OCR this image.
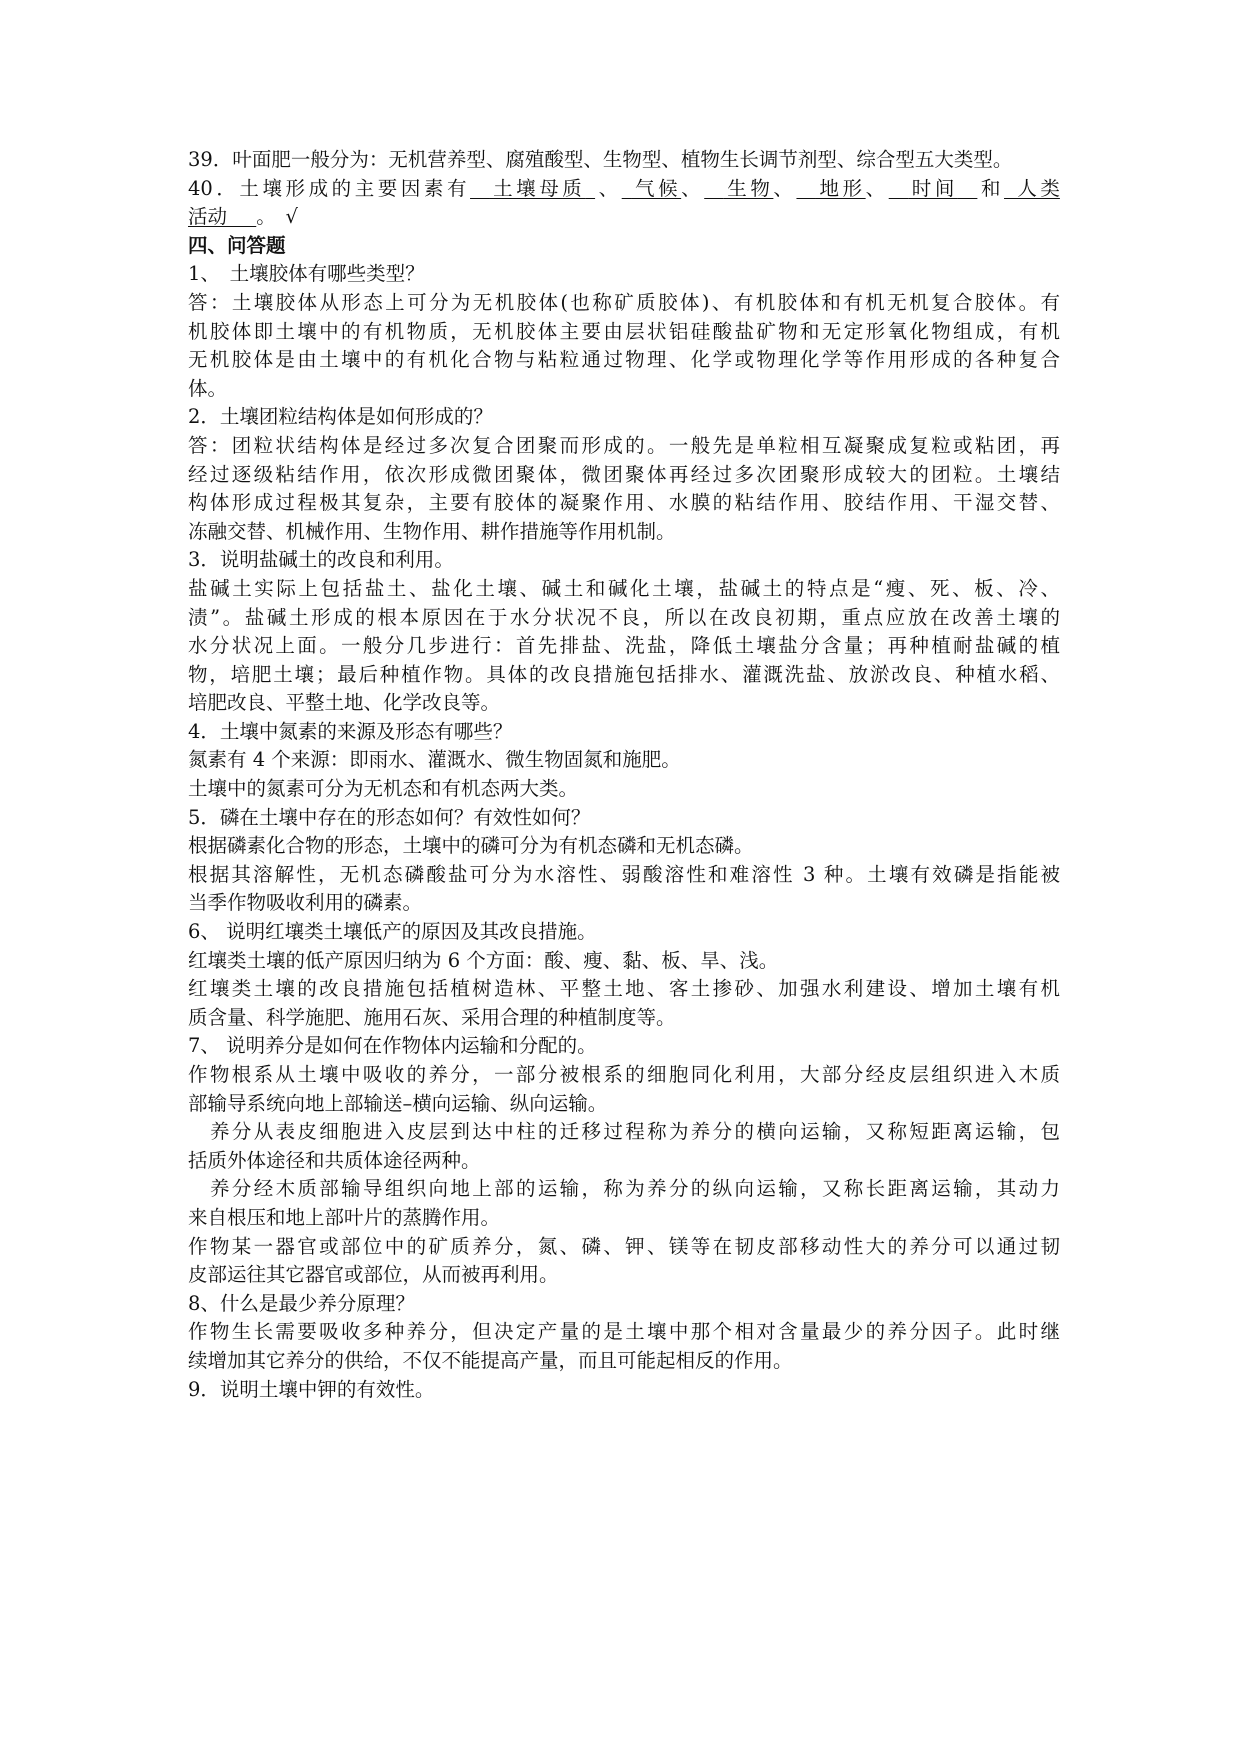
39．叶面肥一般分为：无机营养型、腐殖酸型、生物型、植物生长调节剂型、综合型五大类型。
40．土壤形成的主要因素有  土壤母质  、  气候、  生物、  地形、  时间  和 人类
活动  。  √
四、问答题
1、　土壤胶体有哪些类型？
答：土壤胶体从形态上可分为无机胶体(也称矿质胶体)、有机胶体和有机无机复合胶体。有
机胶体即土壤中的有机物质，无机胶体主要由层状铝硅酸盐矿物和无定形氧化物组成，有机
无机胶体是由土壤中的有机化合物与粘粒通过物理、化学或物理化学等作用形成的各种复合
体。
2．土壤团粒结构体是如何形成的？
答：团粒状结构体是经过多次复合团聚而形成的。一般先是单粒相互凝聚成复粒或粘团，再
经过逐级粘结作用，依次形成微团聚体，微团聚体再经过多次团聚形成较大的团粒。土壤结
构体形成过程极其复杂，主要有胶体的凝聚作用、水膜的粘结作用、胶结作用、干湿交替、
冻融交替、机械作用、生物作用、耕作措施等作用机制。
3．说明盐碱土的改良和利用。
盐碱土实际上包括盐土、盐化土壤、碱土和碱化土壤，盐碱土的特点是“瘦、死、板、冷、
渍”。盐碱土形成的根本原因在于水分状况不良，所以在改良初期，重点应放在改善土壤的
水分状况上面。一般分几步进行：首先排盐、洗盐，降低土壤盐分含量；再种植耐盐碱的植
物，培肥土壤；最后种植作物。具体的改良措施包括排水、灌溉洗盐、放淤改良、种植水稻、
培肥改良、平整土地、化学改良等。
4．土壤中氮素的来源及形态有哪些？
氮素有 4 个来源：即雨水、灌溉水、微生物固氮和施肥。
土壤中的氮素可分为无机态和有机态两大类。
5．磷在土壤中存在的形态如何？有效性如何？
根据磷素化合物的形态，土壤中的磷可分为有机态磷和无机态磷。
根据其溶解性，无机态磷酸盐可分为水溶性、弱酸溶性和难溶性 3 种。土壤有效磷是指能被
当季作物吸收利用的磷素。
6、 说明红壤类土壤低产的原因及其改良措施。
红壤类土壤的低产原因归纳为 6 个方面：酸、瘦、黏、板、旱、浅。
红壤类土壤的改良措施包括植树造林、平整土地、客土掺砂、加强水利建设、增加土壤有机
质含量、科学施肥、施用石灰、采用合理的种植制度等。
7、 说明养分是如何在作物体内运输和分配的。
作物根系从土壤中吸收的养分，一部分被根系的细胞同化利用，大部分经皮层组织进入木质
部输导系统向地上部输送–横向运输、纵向运输。
养分从表皮细胞进入皮层到达中柱的迁移过程称为养分的横向运输，又称短距离运输，包
括质外体途径和共质体途径两种。
养分经木质部输导组织向地上部的运输，称为养分的纵向运输，又称长距离运输，其动力
来自根压和地上部叶片的蒸腾作用。
作物某一器官或部位中的矿质养分，氮、磷、钾、镁等在韧皮部移动性大的养分可以通过韧
皮部运往其它器官或部位，从而被再利用。
8、什么是最少养分原理？
作物生长需要吸收多种养分，但决定产量的是土壤中那个相对含量最少的养分因子。此时继
续增加其它养分的供给，不仅不能提高产量，而且可能起相反的作用。
9．说明土壤中钾的有效性。
